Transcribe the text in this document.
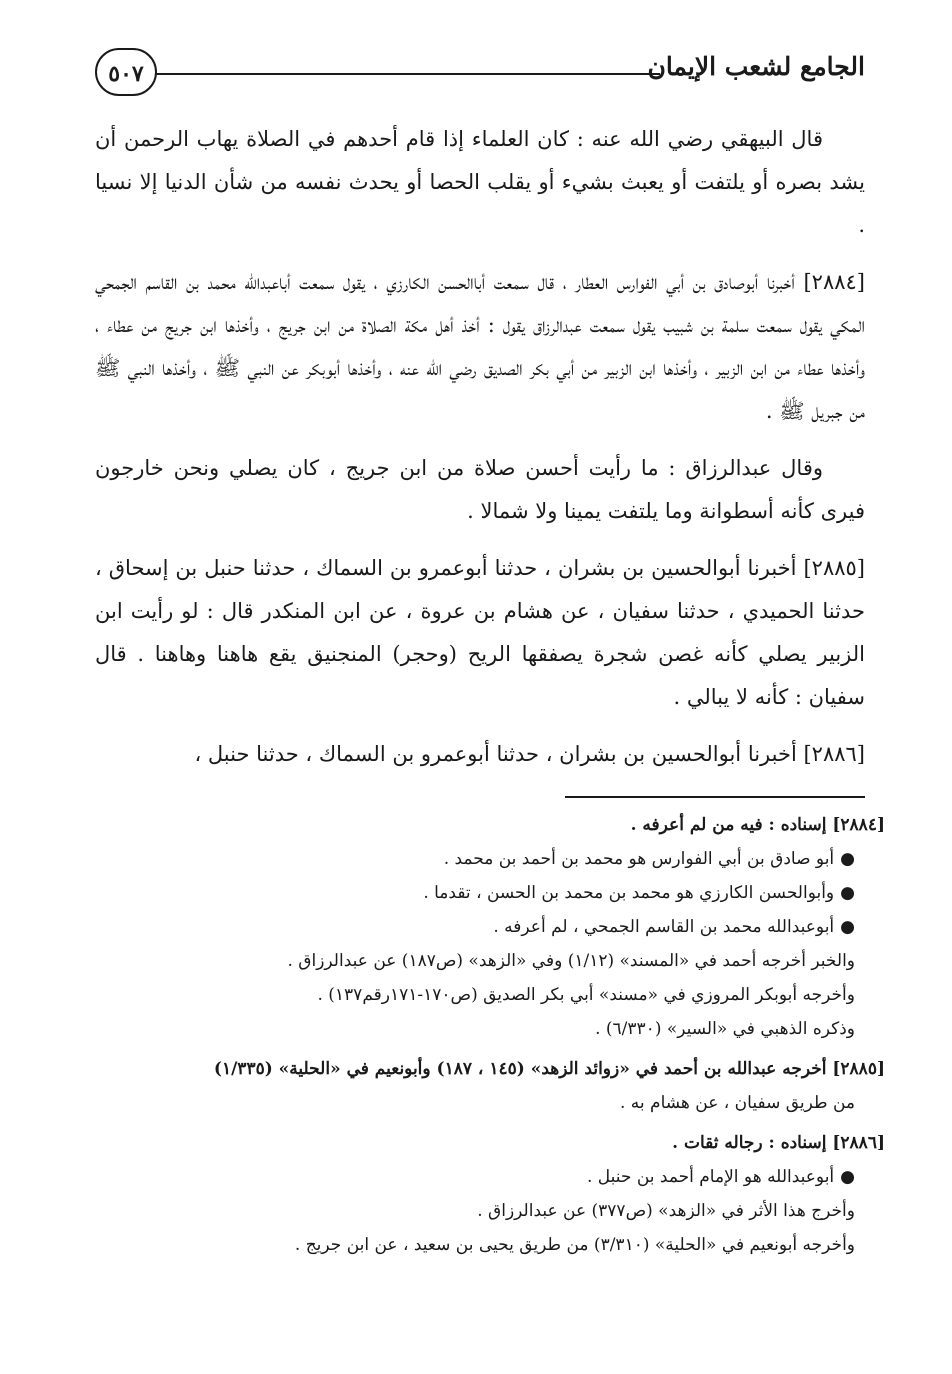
الجامع لشعب الإيمان
٥٠٧

قال البيهقي رضي الله عنه : كان العلماء إذا قام أحدهم في الصلاة يهاب الرحمن أن يشد بصره أو يلتفت أو يعبث بشيء أو يقلب الحصا أو يحدث نفسه من شأن الدنيا إلا نسيا .

[٢٨٨٤] أخبرنا أبوصادق بن أبي الفوارس العطار ، قال سمعت أباالحسن الكارزي ، يقول سمعت أباعبدالله محمد بن القاسم الجمحي المكي يقول سمعت سلمة بن شبيب يقول سمعت عبدالرزاق يقول : أخذ أهل مكة الصلاة من ابن جريج ، وأخذها ابن جريج من عطاء ، وأخذها عطاء من ابن الزبير ، وأخذها ابن الزبير من أبي بكر الصديق رضي الله عنه ، وأخذها أبوبكر عن النبي ﷺ ، وأخذها النبي ﷺ من جبريل ﷺ .

وقال عبدالرزاق : ما رأيت أحسن صلاة من ابن جريج ، كان يصلي ونحن خارجون فيرى كأنه أسطوانة وما يلتفت يمينا ولا شمالا .

[٢٨٨٥] أخبرنا أبوالحسين بن بشران ، حدثنا أبوعمرو بن السماك ، حدثنا حنبل بن إسحاق ، حدثنا الحميدي ، حدثنا سفيان ، عن هشام بن عروة ، عن ابن المنكدر قال : لو رأيت ابن الزبير يصلي كأنه غصن شجرة يصفقها الريح (وحجر) المنجنيق يقع هاهنا وهاهنا . قال سفيان : كأنه لا يبالي .

[٢٨٨٦] أخبرنا أبوالحسين بن بشران ، حدثنا أبوعمرو بن السماك ، حدثنا حنبل ،

[٢٨٨٤] إسناده : فيه من لم أعرفه .
●أبو صادق بن أبي الفوارس هو محمد بن أحمد بن محمد .
●وأبوالحسن الكارزي هو محمد بن محمد بن الحسن ، تقدما .
●أبوعبدالله محمد بن القاسم الجمحي ، لم أعرفه .
والخبر أخرجه أحمد في «المسند» (١/١٢) وفي «الزهد» (ص١٨٧) عن عبدالرزاق .
وأخرجه أبوبكر المروزي في «مسند» أبي بكر الصديق (ص١٧٠-١٧١رقم١٣٧) .
وذكره الذهبي في «السير» (٦/٣٣٠) .
[٢٨٨٥] أخرجه عبدالله بن أحمد في «زوائد الزهد» (١٤٥ ، ١٨٧) وأبونعيم في «الحلية» (١/٣٣٥)
من طريق سفيان ، عن هشام به .
[٢٨٨٦] إسناده : رجاله ثقات .
●أبوعبدالله هو الإمام أحمد بن حنبل .
وأخرج هذا الأثر في «الزهد» (ص٣٧٧) عن عبدالرزاق .
وأخرجه أبونعيم في «الحلية» (٣/٣١٠) من طريق يحيى بن سعيد ، عن ابن جريج .
